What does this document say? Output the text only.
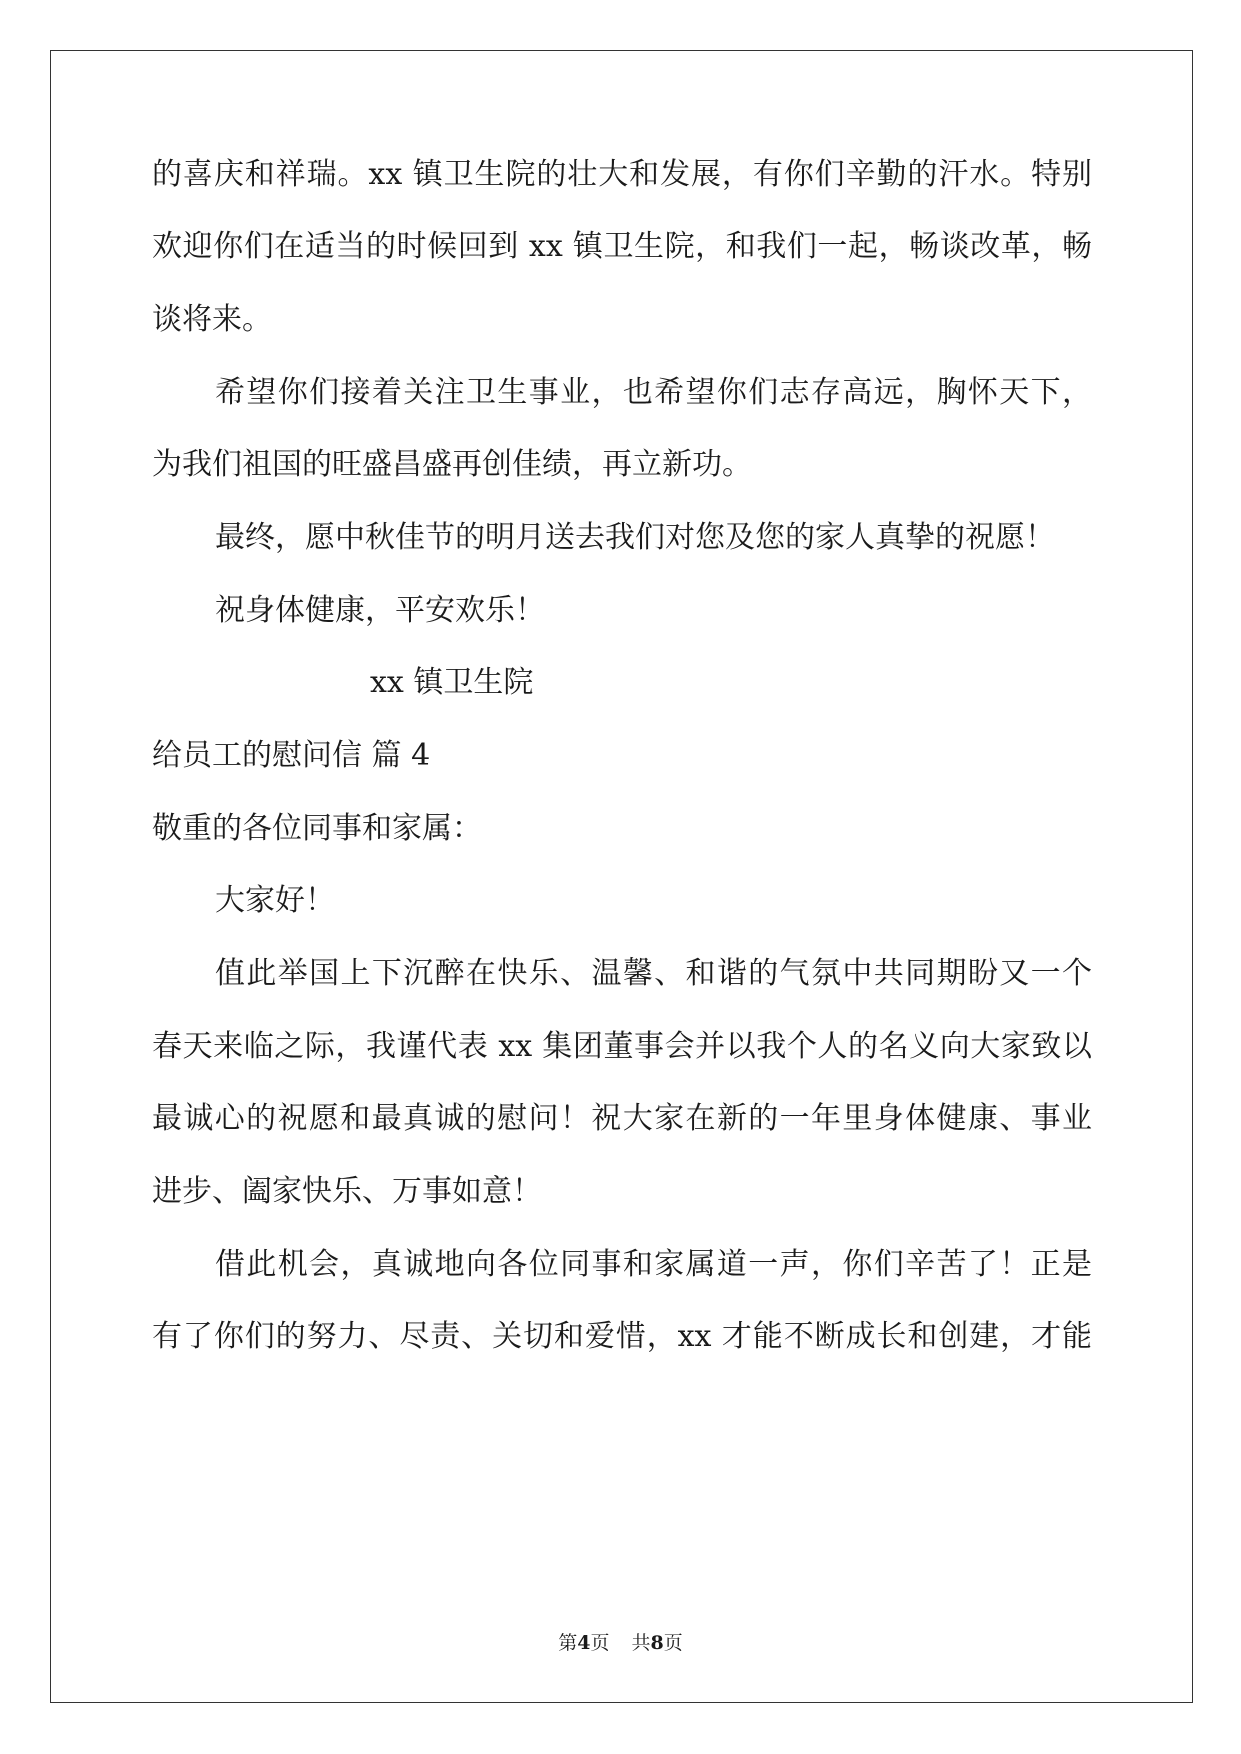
的喜庆和祥瑞。xx 镇卫生院的壮大和发展，有你们辛勤的汗水。特别

欢迎你们在适当的时候回到 xx 镇卫生院，和我们一起，畅谈改革，畅

谈将来。

希望你们接着关注卫生事业，也希望你们志存高远，胸怀天下，

为我们祖国的旺盛昌盛再创佳绩，再立新功。

最终，愿中秋佳节的明月送去我们对您及您的家人真挚的祝愿！

祝身体健康，平安欢乐！

xx 镇卫生院

给员工的慰问信 篇 4

敬重的各位同事和家属：

大家好！

值此举国上下沉醉在快乐、温馨、和谐的气氛中共同期盼又一个

春天来临之际，我谨代表 xx 集团董事会并以我个人的名义向大家致以

最诚心的祝愿和最真诚的慰问！祝大家在新的一年里身体健康、事业

进步、阖家快乐、万事如意！

借此机会，真诚地向各位同事和家属道一声，你们辛苦了！正是

有了你们的努力、尽责、关切和爱惜，xx 才能不断成长和创建，才能

第4页 共8页
